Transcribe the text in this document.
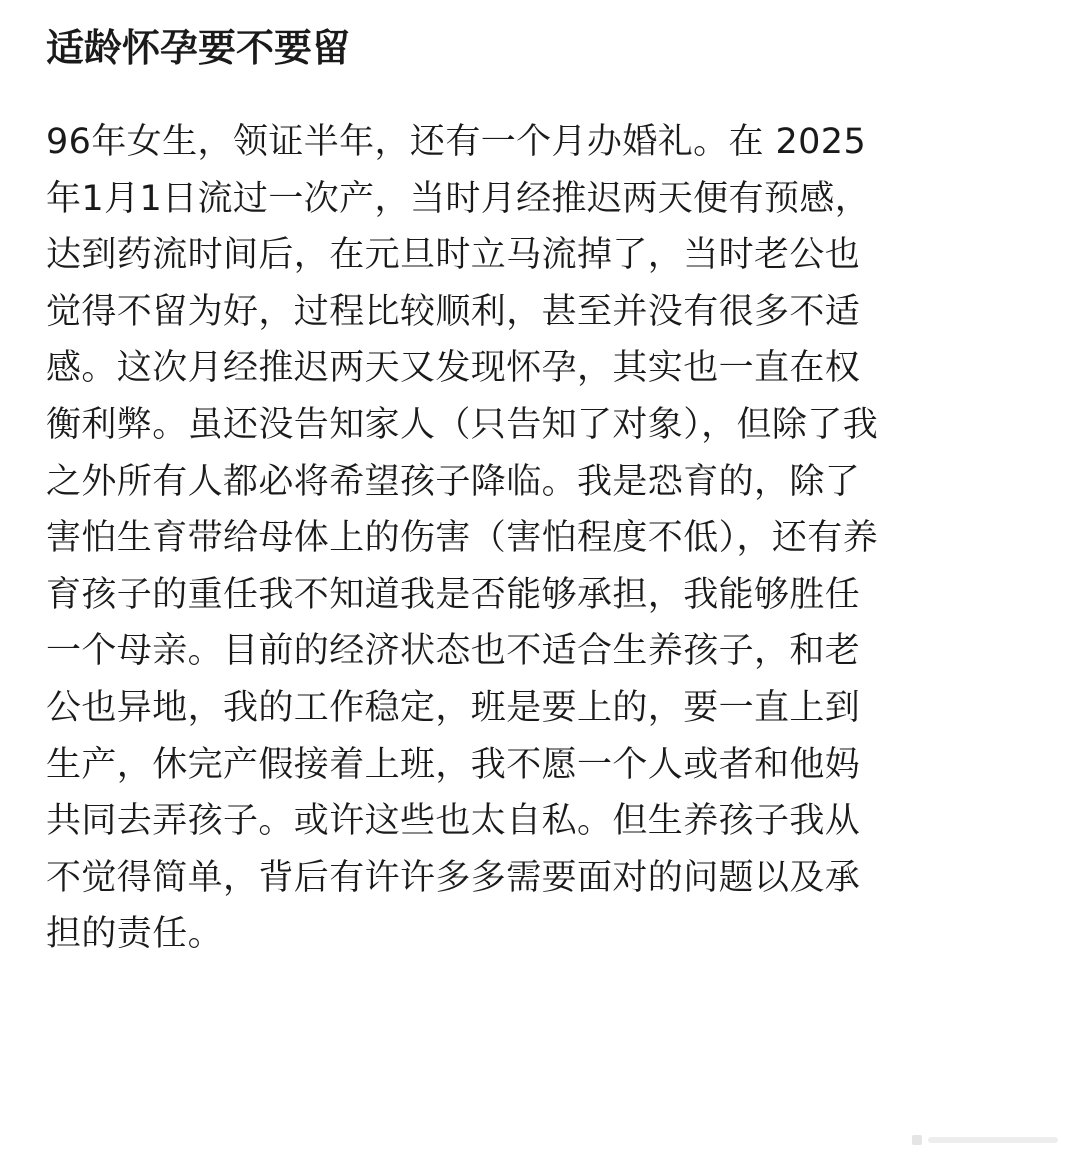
适龄怀孕要不要留
96年女生，领证半年，还有一个月办婚礼。在 2025
年1月1日流过一次产，当时月经推迟两天便有预感，
达到药流时间后，在元旦时立马流掉了，当时老公也
觉得不留为好，过程比较顺利，甚至并没有很多不适
感。这次月经推迟两天又发现怀孕，其实也一直在权
衡利弊。虽还没告知家人（只告知了对象），但除了我
之外所有人都必将希望孩子降临。我是恐育的，除了
害怕生育带给母体上的伤害（害怕程度不低），还有养
育孩子的重任我不知道我是否能够承担，我能够胜任
一个母亲。目前的经济状态也不适合生养孩子，和老
公也异地，我的工作稳定，班是要上的，要一直上到
生产，休完产假接着上班，我不愿一个人或者和他妈
共同去弄孩子。或许这些也太自私。但生养孩子我从
不觉得简单，背后有许许多多需要面对的问题以及承
担的责任。
